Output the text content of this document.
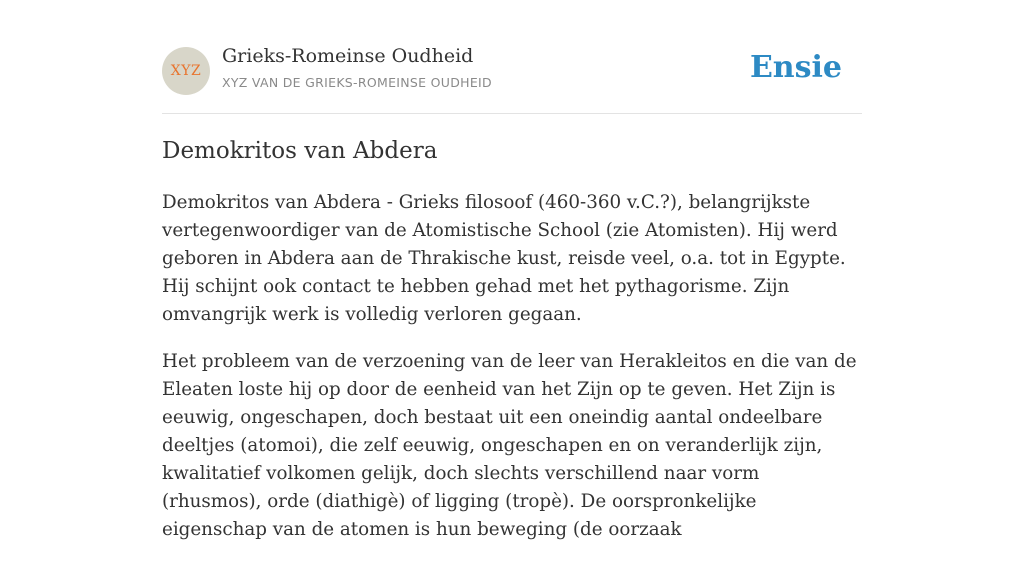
XYZ
Grieks-Romeinse Oudheid
XYZ VAN DE GRIEKS-ROMEINSE OUDHEID	Ensie
Demokritos van Abdera

Demokritos van Abdera - Grieks filosoof (460-360 v.C.?), belangrijkste vertegenwoordiger van de Atomistische School (zie Atomisten). Hij werd geboren in Abdera aan de Thrakische kust, reisde veel, o.a. tot in Egypte. Hij schijnt ook contact te hebben gehad met het pythagorisme. Zijn omvangrijk werk is volledig verloren gegaan.

Het probleem van de verzoening van de leer van Herakleitos en die van de Eleaten loste hij op door de eenheid van het Zijn op te geven. Het Zijn is eeuwig, ongeschapen, doch bestaat uit een oneindig aantal ondeelbare deeltjes (atomoi), die zelf eeuwig, ongeschapen en on veranderlijk zijn, kwalitatief volkomen gelijk, doch slechts verschillend naar vorm (rhusmos), orde (diathigè) of ligging (tropè). De oorspronkelijke eigenschap van de atomen is hun beweging (de oorzaak
